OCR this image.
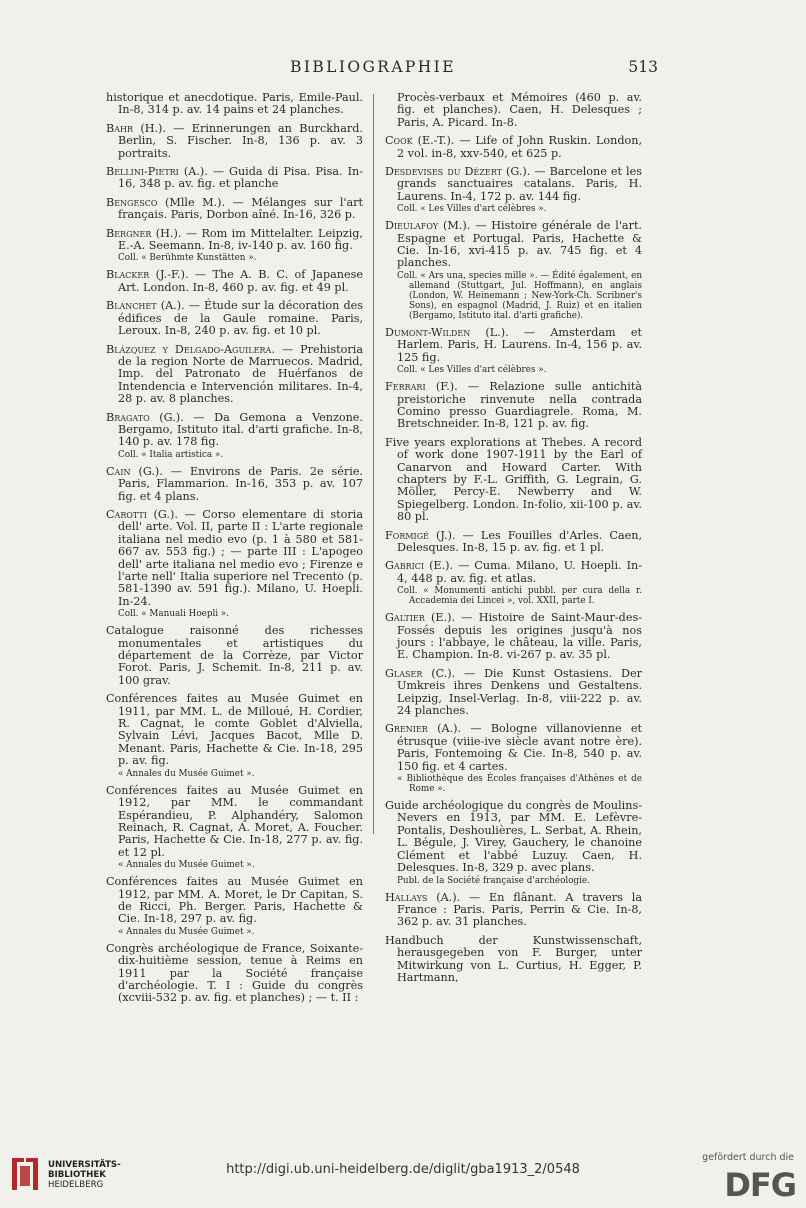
BIBLIOGRAPHIE	513
historique et anecdotique. Paris, Emile-Paul. In-8, 314 p. av. 14 pains et 24 planches.
Bahr (H.). — Erinnerungen an Burckhard. Berlin, S. Fischer. In-8, 136 p. av. 3 portraits.
Bellini-Pietri (A.). — Guida di Pisa. Pisa. In-16, 348 p. av. fig. et planche
Bengesco (Mlle M.). — Mélanges sur l'art français. Paris, Dorbon aîné. In-16, 326 p.
Bergner (H.). — Rom im Mittelalter. Leipzig, E.-A. Seemann. In-8, iv-140 p. av. 160 fig.
Coll. « Berühmte Kunstätten ».
Blacker (J.-F.). — The A. B. C. of Japanese Art. London. In-8, 460 p. av. fig. et 49 pl.
Blanchet (A.). — Étude sur la décoration des édifices de la Gaule romaine. Paris, Leroux. In-8, 240 p. av. fig. et 10 pl.
Blázquez y Delgado-Aguilera. — Prehistoria de la region Norte de Marruecos. Madrid, Imp. del Patronato de Huérfanos de Intendencia e Intervención militares. In-4, 28 p. av. 8 planches.
Bragato (G.). — Da Gemona a Venzone. Bergamo, Istituto ital. d'arti grafiche. In-8, 140 p. av. 178 fig.
Coll. « Italia artistica ».
Cain (G.). — Environs de Paris. 2e série. Paris, Flammarion. In-16, 353 p. av. 107 fig. et 4 plans.
Carotti (G.). — Corso elementare di storia dell' arte. Vol. II, parte II : L'arte regionale italiana nel medio evo (p. 1 à 580 et 581-667 av. 553 fig.) ; — parte III : L'apogeo dell' arte italiana nel medio evo ; Firenze e l'arte nell' Italia superiore nel Trecento (p. 581-1390 av. 591 fig.). Milano, U. Hoepli. In-24.
Coll. « Manuali Hoepli ».
Catalogue raisonné des richesses monumentales et artistiques du département de la Corrèze, par Victor Forot. Paris, J. Schemit. In-8, 211 p. av. 100 grav.
Conférences faites au Musée Guimet en 1911, par MM. L. de Milloué, H. Cordier, R. Cagnat, le comte Goblet d'Alviella, Sylvain Lévi, Jacques Bacot, Mlle D. Menant. Paris, Hachette & Cie. In-18, 295 p. av. fig.
« Annales du Musée Guimet ».
Conférences faites au Musée Guimet en 1912, par MM. le commandant Espérandieu, P. Alphandéry, Salomon Reinach, R. Cagnat, A. Moret, A. Foucher. Paris, Hachette & Cie. In-18, 277 p. av. fig. et 12 pl.
« Annales du Musée Guimet ».
Conférences faites au Musée Guimet en 1912, par MM. A. Moret, le Dr Capitan, S. de Ricci, Ph. Berger. Paris, Hachette & Cie. In-18, 297 p. av. fig.
« Annales du Musée Guimet ».
Congrès archéologique de France, Soixante-dix-huitième session, tenue à Reims en 1911 par la Société française d'archéologie. T. I : Guide du congrès (xcviii-532 p. av. fig. et planches) ; — t. II :
Procès-verbaux et Mémoires (460 p. av. fig. et planches). Caen, H. Delesques ; Paris, A. Picard. In-8.
Cook (E.-T.). — Life of John Ruskin. London, 2 vol. in-8, xxv-540, et 625 p.
Desdevises du Dézert (G.). — Barcelone et les grands sanctuaires catalans. Paris, H. Laurens. In-4, 172 p. av. 144 fig.
Coll. « Les Villes d'art célèbres ».
Dieulafoy (M.). — Histoire générale de l'art. Espagne et Portugal. Paris, Hachette & Cie. In-16, xvi-415 p. av. 745 fig. et 4 planches.
Coll. « Ars una, species mille ». — Édité également, en allemand (Stuttgart, Jul. Hoffmann), en anglais (London, W. Heinemann ; New-York-Ch. Scribner's Sons), en espagnol (Madrid, J. Ruiz) et en italien (Bergamo, Istituto ital. d'arti grafiche).
Dumont-Wilden (L.). — Amsterdam et Harlem. Paris, H. Laurens. In-4, 156 p. av. 125 fig.
Coll. « Les Villes d'art célèbres ».
Ferrari (F.). — Relazione sulle antichità preistoriche rinvenute nella contrada Comino presso Guardiagrele. Roma, M. Bretschneider. In-8, 121 p. av. fig.
Five years explorations at Thebes. A record of work done 1907-1911 by the Earl of Canarvon and Howard Carter. With chapters by F.-L. Griffith, G. Legrain, G. Möller, Percy-E. Newberry and W. Spiegelberg. London. In-folio, xii-100 p. av. 80 pl.
Formigé (J.). — Les Fouilles d'Arles. Caen, Delesques. In-8, 15 p. av. fig. et 1 pl.
Gabrici (E.). — Cuma. Milano, U. Hoepli. In-4, 448 p. av. fig. et atlas.
Coll. « Monumenti antichi pubbl. per cura della r. Accademia dei Lincei », vol. XXII, parte I.
Galtier (E.). — Histoire de Saint-Maur-des-Fossés depuis les origines jusqu'à nos jours : l'abbaye, le château, la ville. Paris, E. Champion. In-8. vi-267 p. av. 35 pl.
Glaser (C.). — Die Kunst Ostasiens. Der Umkreis ihres Denkens und Gestaltens. Leipzig, Insel-Verlag. In-8, viii-222 p. av. 24 planches.
Grenier (A.). — Bologne villanovienne et étrusque (viiie-ive siècle avant notre ère). Paris, Fontemoing & Cie. In-8, 540 p. av. 150 fig. et 4 cartes.
« Bibliothèque des Écoles françaises d'Athènes et de Rome ».
Guide archéologique du congrès de Moulins-Nevers en 1913, par MM. E. Lefèvre-Pontalis, Deshoulières, L. Serbat, A. Rhein, L. Bégule, J. Virey, Gauchery, le chanoine Clément et l'abbé Luzuy. Caen, H. Delesques. In-8, 329 p. avec plans.
Publ. de la Société française d'archéologie.
Hallays (A.). — En flânant. A travers la France : Paris. Paris, Perrin & Cie. In-8, 362 p. av. 31 planches.
Handbuch der Kunstwissenschaft, herausgegeben von F. Burger, unter Mitwirkung von L. Curtius, H. Egger, P. Hartmann,
UNIVERSITÄTS-
BIBLIOTHEK
HEIDELBERG
http://digi.ub.uni-heidelberg.de/diglit/gba1913_2/0548
gefördert durch die
DFG
